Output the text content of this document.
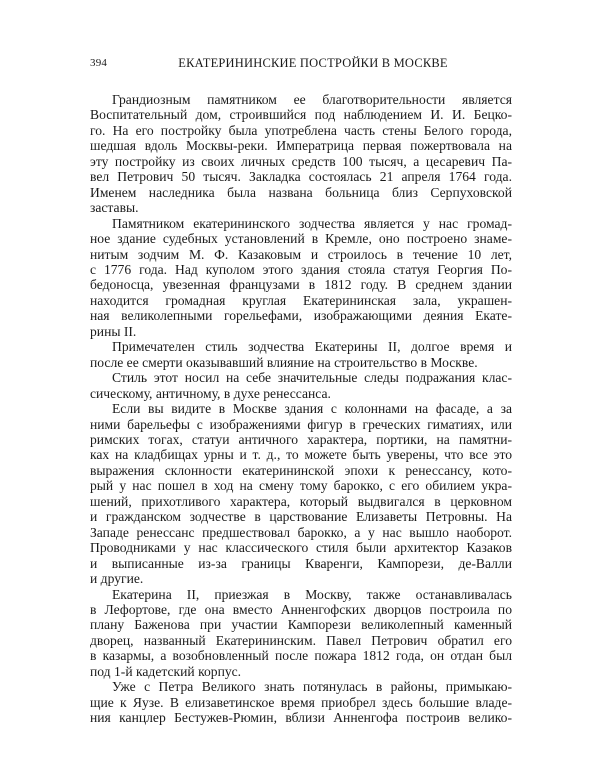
394	ЕКАТЕРИНИНСКИЕ ПОСТРОЙКИ В МОСКВЕ
Грандиозным памятником ее благотворительности является
Воспитательный дом, строившийся под наблюдением И. И. Бецко-
го. На его постройку была употреблена часть стены Белого города,
шедшая вдоль Москвы-реки. Императрица первая пожертвовала на
эту постройку из своих личных средств 100 тысяч, а цесаревич Па-
вел Петрович 50 тысяч. Закладка состоялась 21 апреля 1764 года.
Именем наследника была названа больница близ Серпуховской
заставы.
Памятником екатерининского зодчества является у нас громад-
ное здание судебных установлений в Кремле, оно построено знаме-
нитым зодчим М. Ф. Казаковым и строилось в течение 10 лет,
с 1776 года. Над куполом этого здания стояла статуя Георгия По-
бедоносца, увезенная французами в 1812 году. В среднем здании
находится громадная круглая Екатерининская зала, украшен-
ная великолепными горельефами, изображающими деяния Екате-
рины II.
Примечателен стиль зодчества Екатерины II, долгое время и
после ее смерти оказывавший влияние на строительство в Москве.
Стиль этот носил на себе значительные следы подражания клас-
сическому, античному, в духе ренессанса.
Если вы видите в Москве здания с колоннами на фасаде, а за
ними барельефы с изображениями фигур в греческих гиматиях, или
римских тогах, статуи античного характера, портики, на памятни-
ках на кладбищах урны и т. д., то можете быть уверены, что все это
выражения склонности екатерининской эпохи к ренессансу, кото-
рый у нас пошел в ход на смену тому барокко, с его обилием укра-
шений, прихотливого характера, который выдвигался в церковном
и гражданском зодчестве в царствование Елизаветы Петровны. На
Западе ренессанс предшествовал барокко, а у нас вышло наоборот.
Проводниками у нас классического стиля были архитектор Казаков
и выписанные из-за границы Кваренги, Кампорези, де-Валли
и другие.
Екатерина II, приезжая в Москву, также останавливалась
в Лефортове, где она вместо Анненгофских дворцов построила по
плану Баженова при участии Кампорези великолепный каменный
дворец, названный Екатерининским. Павел Петрович обратил его
в казармы, а возобновленный после пожара 1812 года, он отдан был
под 1-й кадетский корпус.
Уже с Петра Великого знать потянулась в районы, примыкаю-
щие к Яузе. В елизаветинское время приобрел здесь большие владе-
ния канцлер Бестужев-Рюмин, вблизи Анненгофа построив велико-
